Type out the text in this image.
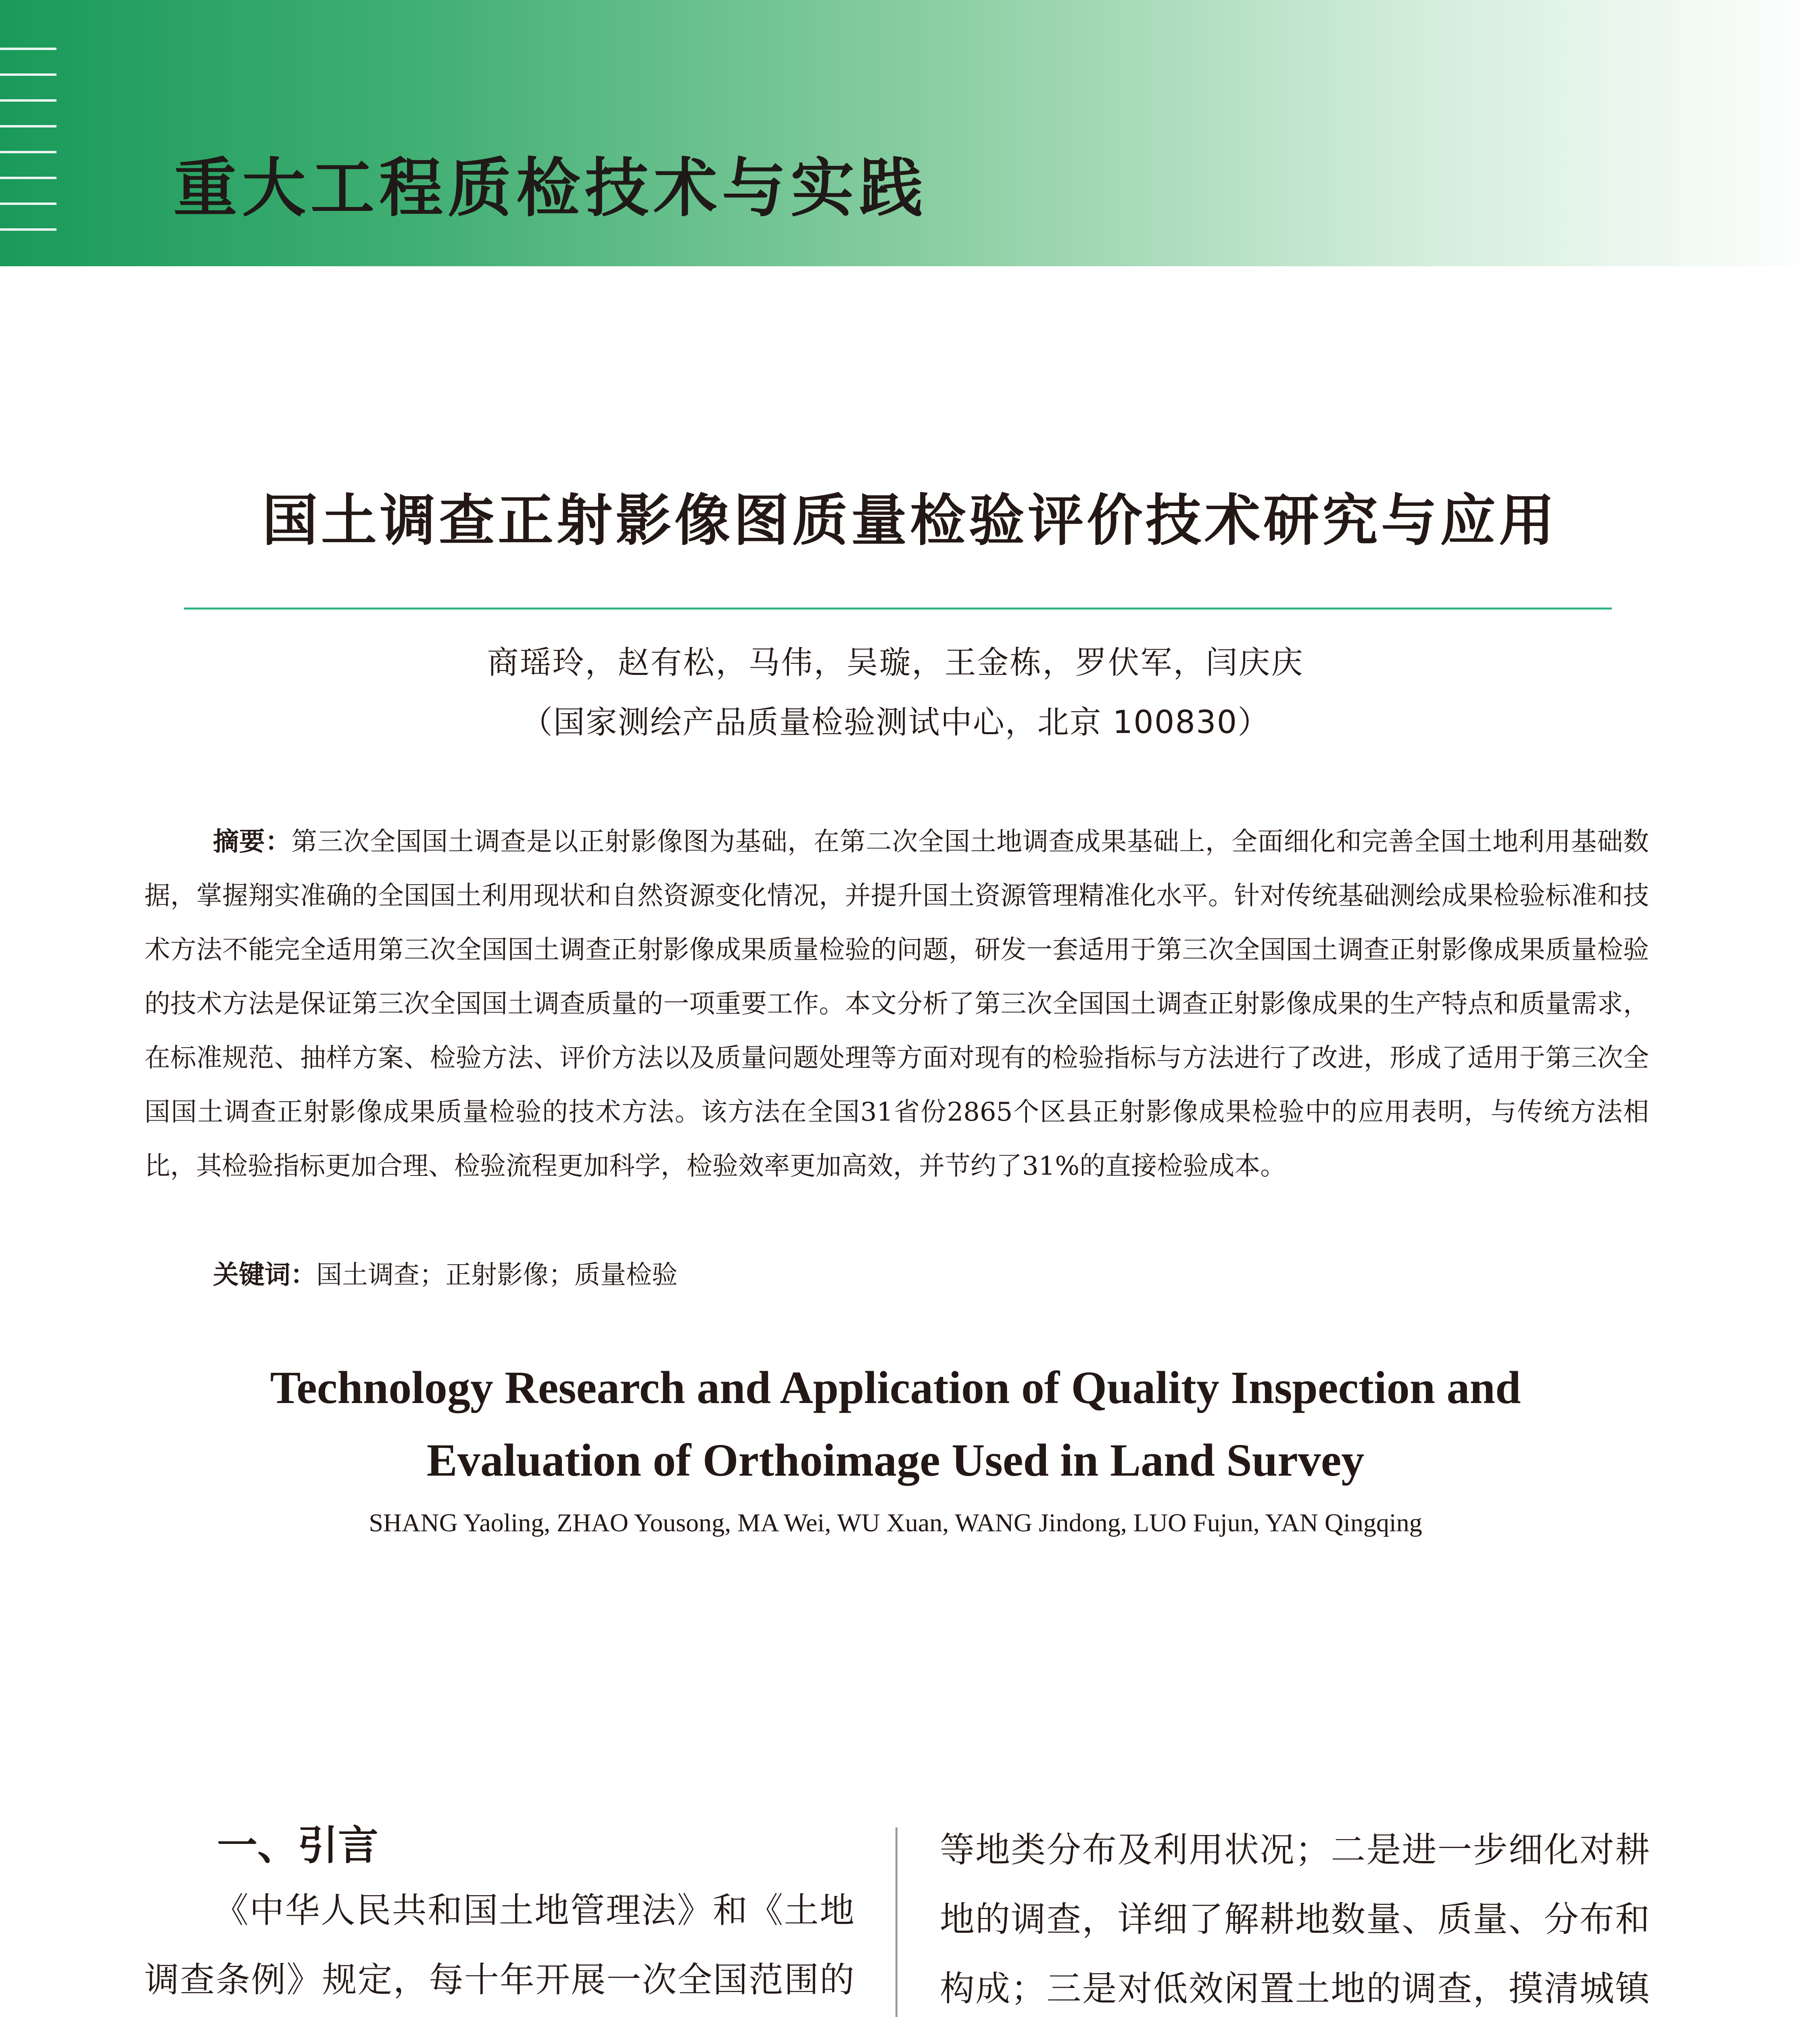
重大工程质检技术与实践
国土调查正射影像图质量检验评价技术研究与应用
商瑶玲，赵有松，马伟，吴璇，王金栋，罗伏军，闫庆庆
（国家测绘产品质量检验测试中心，北京 100830）

摘要：第三次全国国土调查是以正射影像图为基础，在第二次全国土地调查成果基础上，全面细化和完善全国土地利用基础数据，掌握翔实准确的全国国土利用现状和自然资源变化情况，并提升国土资源管理精准化水平。针对传统基础测绘成果检验标准和技术方法不能完全适用第三次全国国土调查正射影像成果质量检验的问题，研发一套适用于第三次全国国土调查正射影像成果质量检验的技术方法是保证第三次全国国土调查质量的一项重要工作。本文分析了第三次全国国土调查正射影像成果的生产特点和质量需求，在标准规范、抽样方案、检验方法、评价方法以及质量问题处理等方面对现有的检验指标与方法进行了改进，形成了适用于第三次全国国土调查正射影像成果质量检验的技术方法。该方法在全国31省份2865个区县正射影像成果检验中的应用表明，与传统方法相比，其检验指标更加合理、检验流程更加科学，检验效率更加高效，并节约了31%的直接检验成本。

关键词：国土调查；正射影像；质量检验

Technology Research and Application of Quality Inspection and
Evaluation of Orthoimage Used in Land Survey

SHANG Yaoling, ZHAO Yousong, MA Wei, WU Xuan, WANG Jindong, LUO Fujun, YAN Qingqing

一、引言

《中华人民共和国土地管理法》和《土地调查条例》规定，每十年开展一次全国范围的

等地类分布及利用状况；二是进一步细化对耕地的调查，详细了解耕地数量、质量、分布和构成；三是对低效闲置土地的调查，摸清城镇
